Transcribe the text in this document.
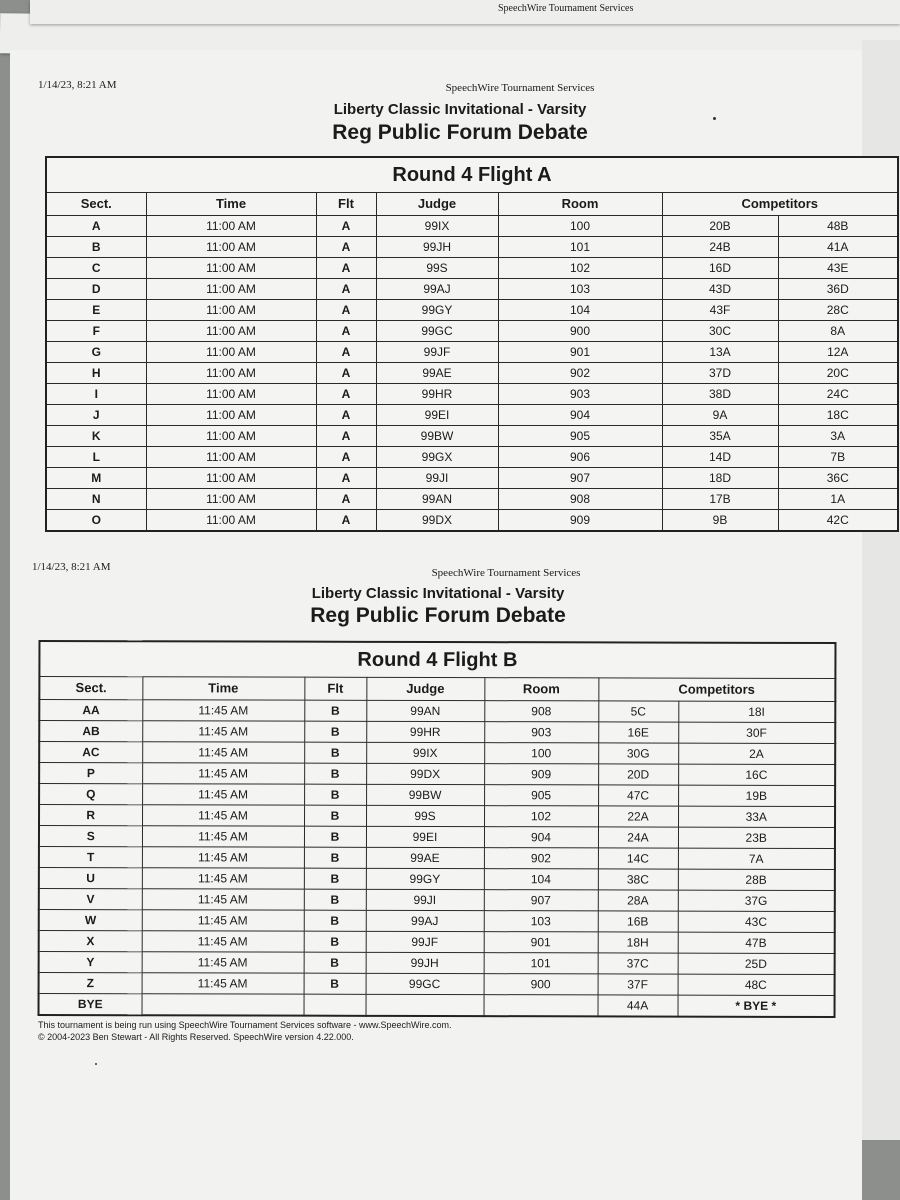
SpeechWire Tournament Services
1/14/23, 8:21 AM	SpeechWire Tournament Services
Liberty Classic Invitational - Varsity
Reg Public Forum Debate
Round 4 Flight A						
Sect.	Time	Flt	Judge	Room	Competitors	
A	11:00 AM	A	99IX	100	20B	48B
B	11:00 AM	A	99JH	101	24B	41A
C	11:00 AM	A	99S	102	16D	43E
D	11:00 AM	A	99AJ	103	43D	36D
E	11:00 AM	A	99GY	104	43F	28C
F	11:00 AM	A	99GC	900	30C	8A
G	11:00 AM	A	99JF	901	13A	12A
H	11:00 AM	A	99AE	902	37D	20C
I	11:00 AM	A	99HR	903	38D	24C
J	11:00 AM	A	99EI	904	9A	18C
K	11:00 AM	A	99BW	905	35A	3A
L	11:00 AM	A	99GX	906	14D	7B
M	11:00 AM	A	99JI	907	18D	36C
N	11:00 AM	A	99AN	908	17B	1A
O	11:00 AM	A	99DX	909	9B	42C
1/14/23, 8:21 AM	SpeechWire Tournament Services
Liberty Classic Invitational - Varsity
Reg Public Forum Debate
Round 4 Flight B						
Sect.	Time	Flt	Judge	Room	Competitors	
AA	11:45 AM	B	99AN	908	5C	18I
AB	11:45 AM	B	99HR	903	16E	30F
AC	11:45 AM	B	99IX	100	30G	2A
P	11:45 AM	B	99DX	909	20D	16C
Q	11:45 AM	B	99BW	905	47C	19B
R	11:45 AM	B	99S	102	22A	33A
S	11:45 AM	B	99EI	904	24A	23B
T	11:45 AM	B	99AE	902	14C	7A
U	11:45 AM	B	99GY	104	38C	28B
V	11:45 AM	B	99JI	907	28A	37G
W	11:45 AM	B	99AJ	103	16B	43C
X	11:45 AM	B	99JF	901	18H	47B
Y	11:45 AM	B	99JH	101	37C	25D
Z	11:45 AM	B	99GC	900	37F	48C
BYE					44A	* BYE *
This tournament is being run using SpeechWire Tournament Services software - www.SpeechWire.com.
© 2004-2023 Ben Stewart - All Rights Reserved. SpeechWire version 4.22.000.
